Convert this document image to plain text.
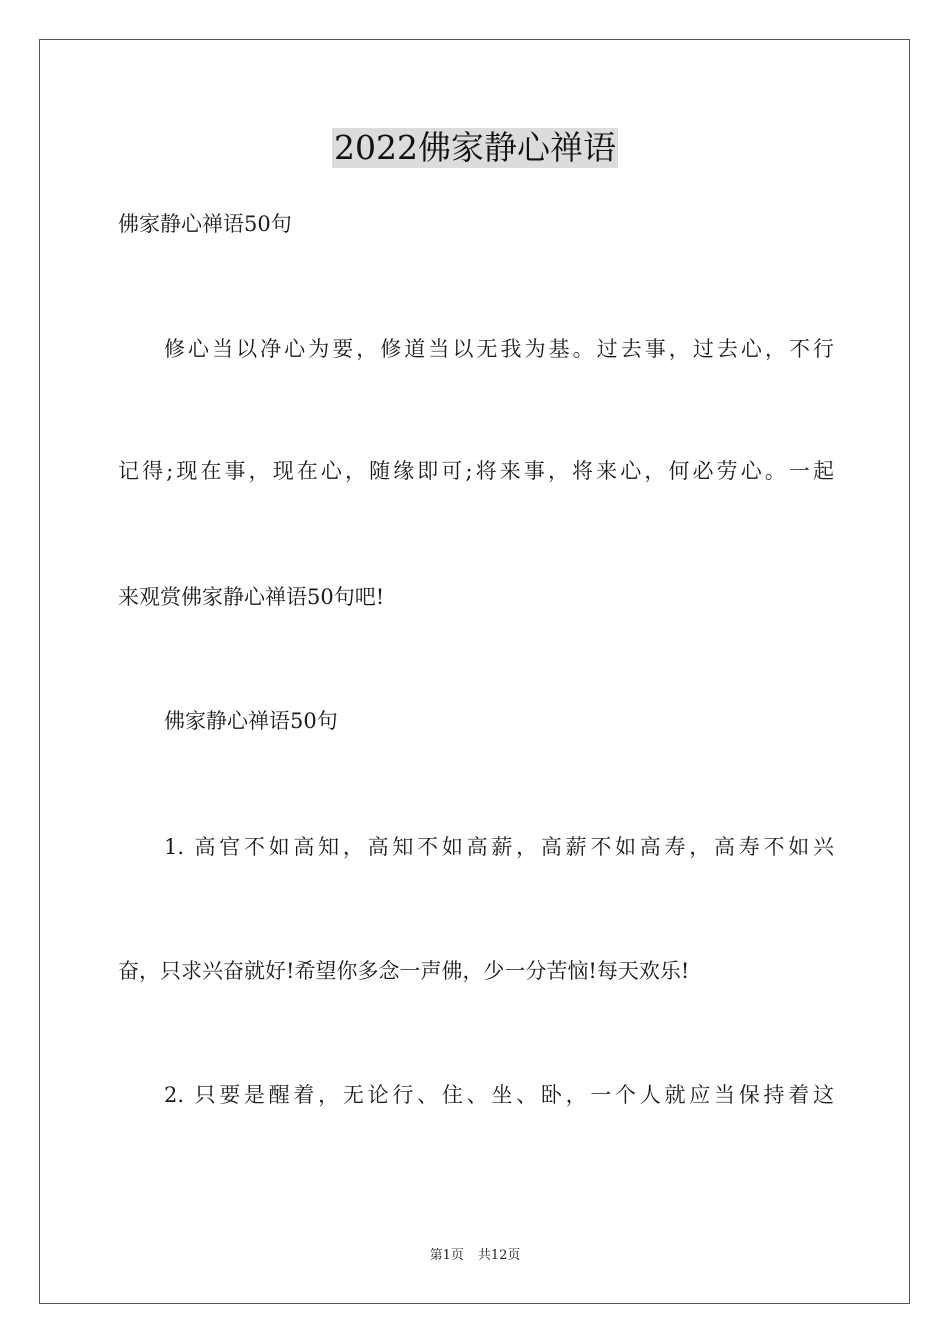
2022佛家静心禅语
佛家静心禅语50句
修心当以净心为要，修道当以无我为基。过去事，过去心，不行
记得;现在事，现在心，随缘即可;将来事，将来心，何必劳心。一起
来观赏佛家静心禅语50句吧!
佛家静心禅语50句
1. 高官不如高知，高知不如高薪，高薪不如高寿，高寿不如兴
奋，只求兴奋就好!希望你多念一声佛，少一分苦恼!每天欢乐!
2. 只要是醒着，无论行、住、坐、卧，一个人就应当保持着这
第1页 共12页
